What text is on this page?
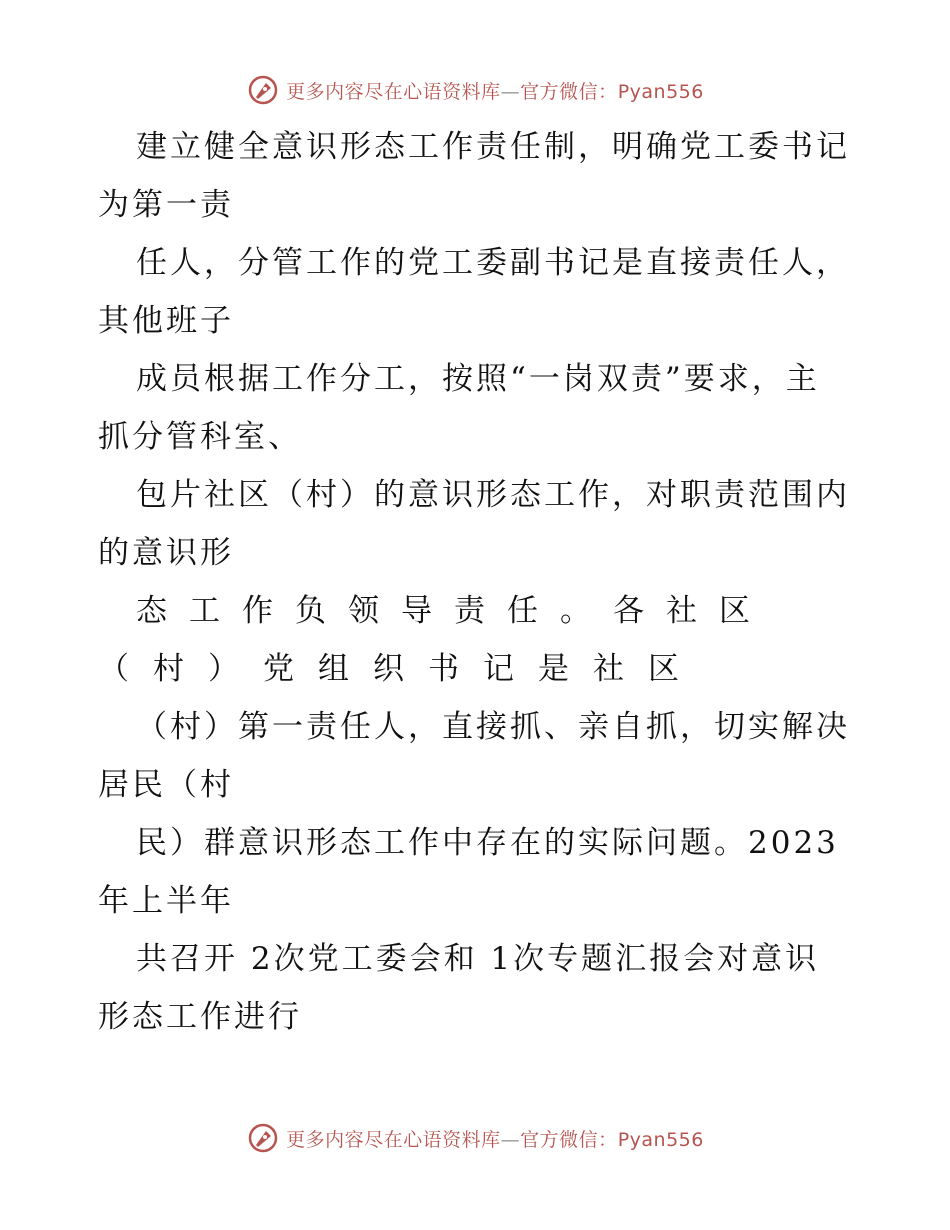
更多内容尽在心语资料库—官方微信：Pyan556

建立健全意识形态工作责任制，明确党工委书记
为第一责

任人，分管工作的党工委副书记是直接责任人，
其他班子

成员根据工作分工，按照“一岗双责”要求，主
抓分管科室、

包片社区（村）的意识形态工作，对职责范围内
的意识形

态工作负领导责任。各社区
（村）党组织书记是社区

（村）第一责任人，直接抓、亲自抓，切实解决
居民（村

民）群意识形态工作中存在的实际问题。2023
年上半年

共召开 2次党工委会和 1次专题汇报会对意识
形态工作进行

更多内容尽在心语资料库—官方微信：Pyan556
